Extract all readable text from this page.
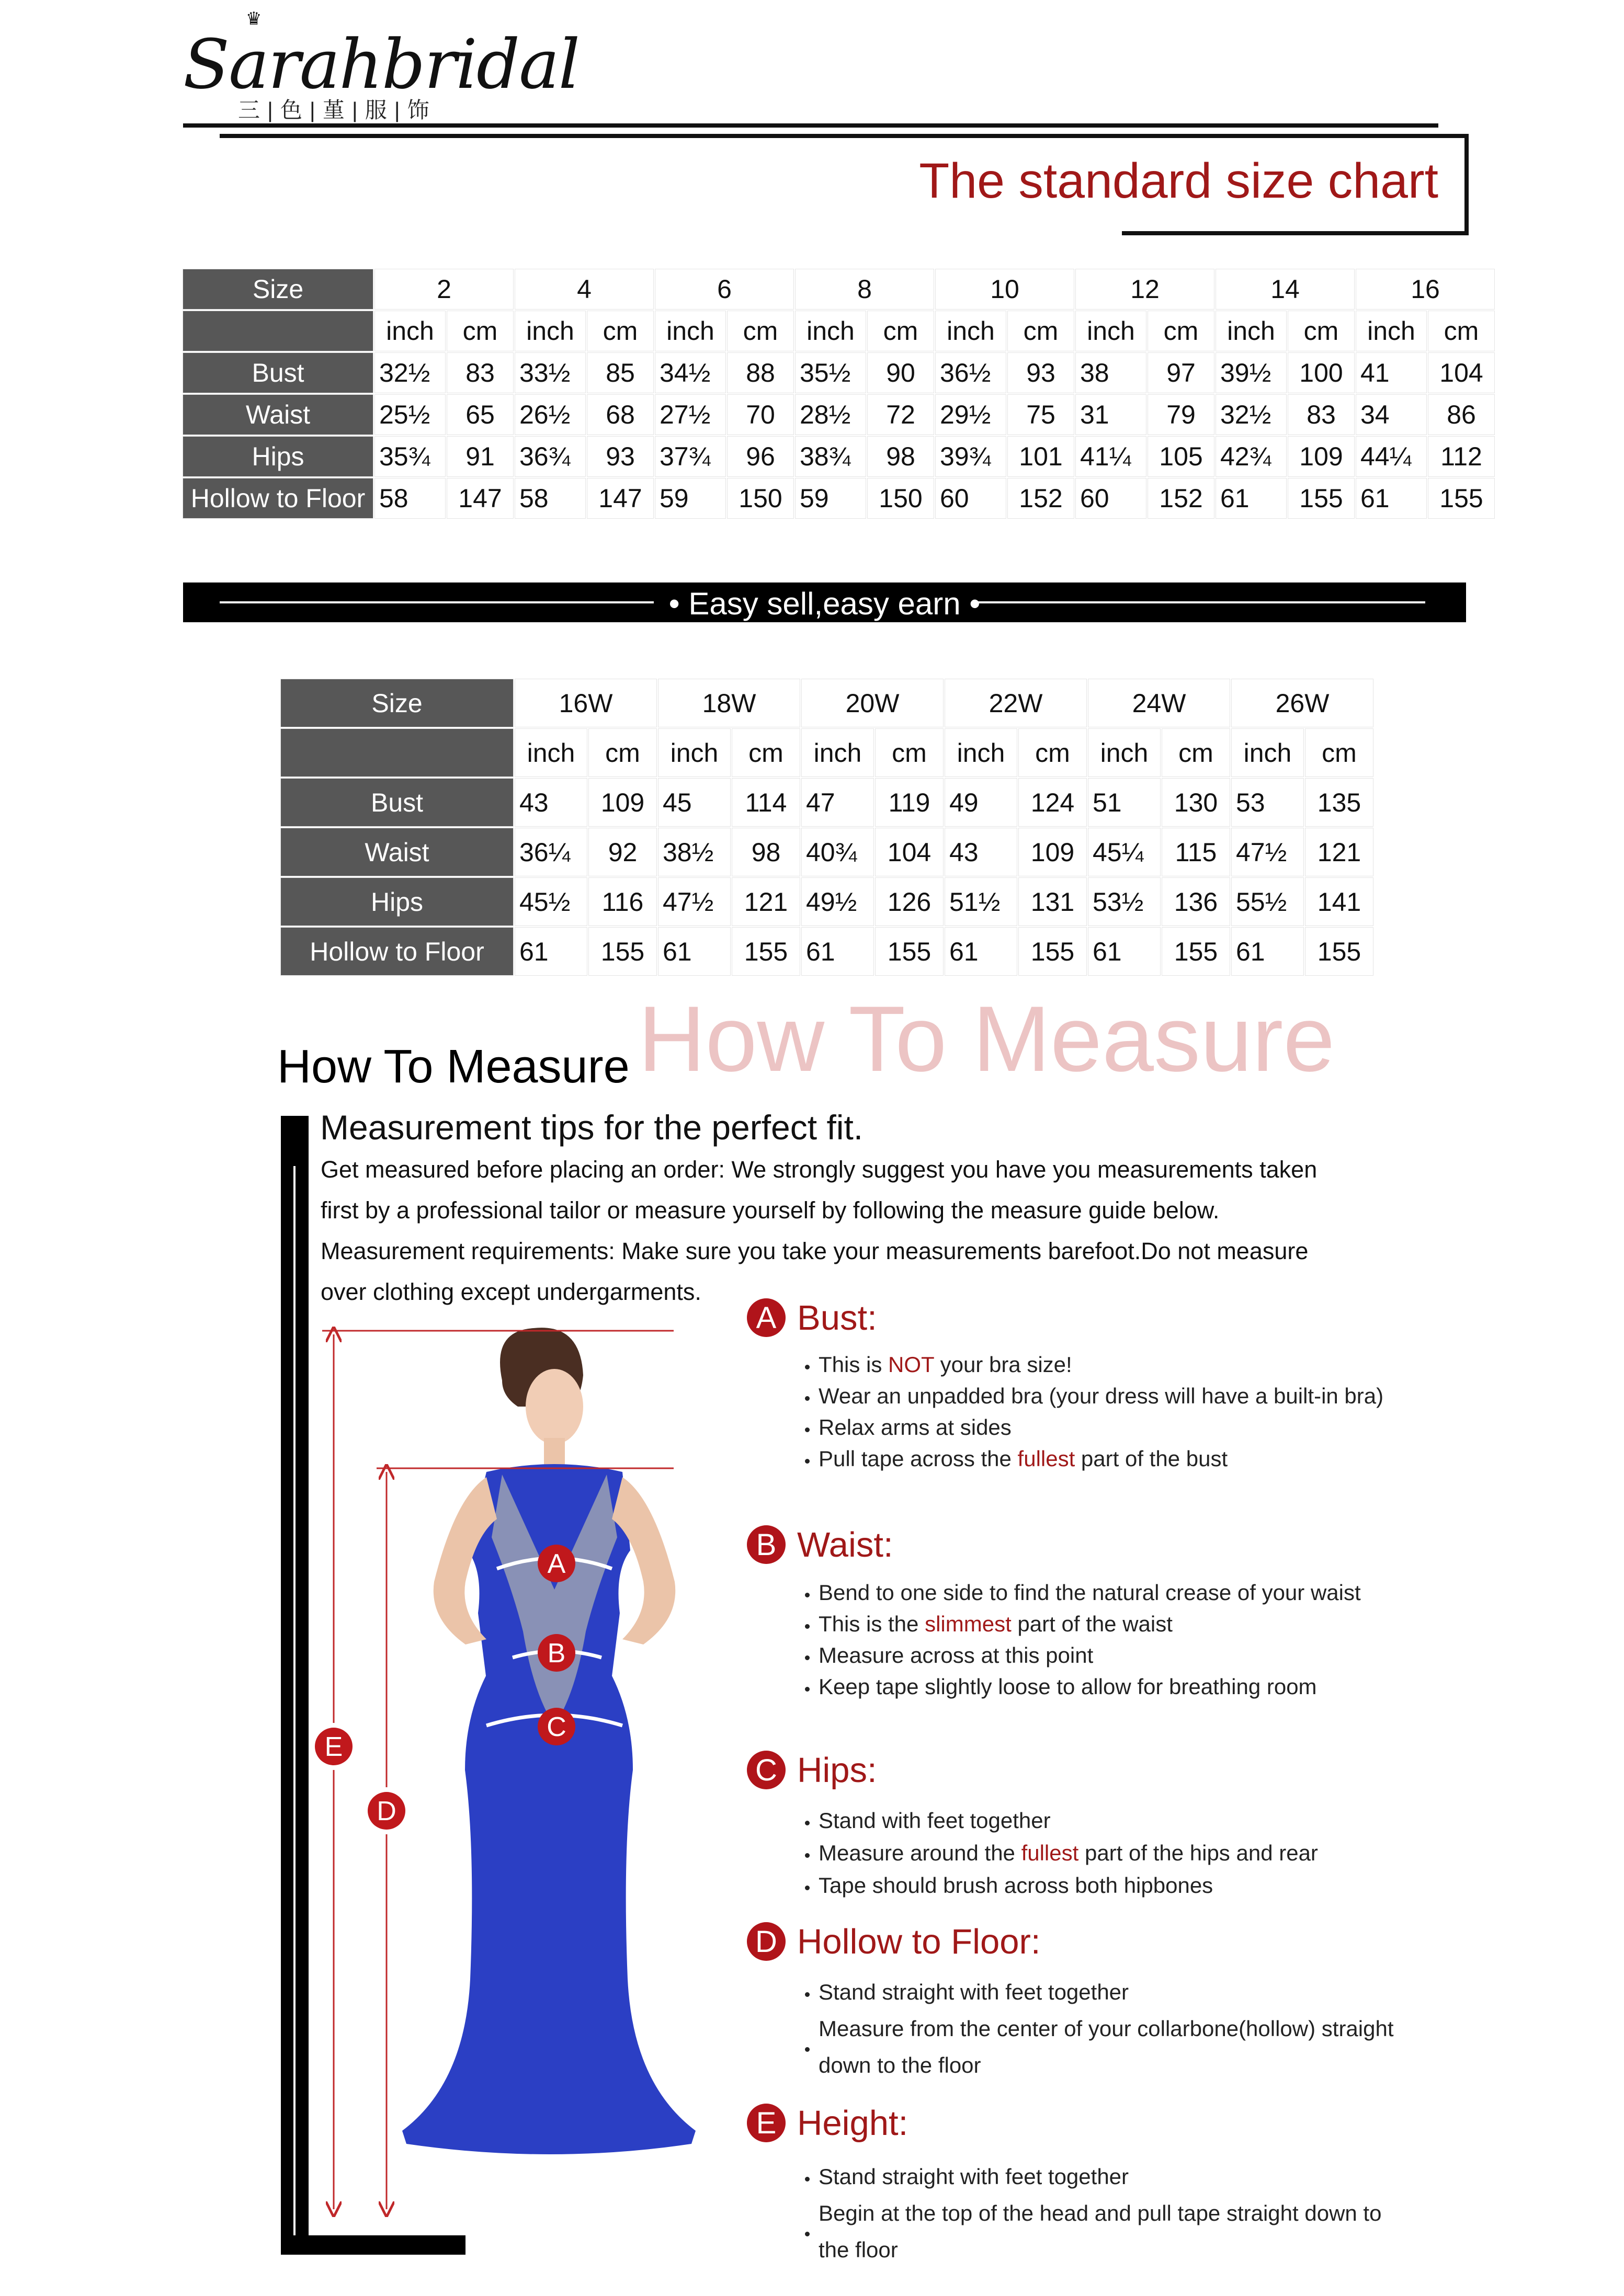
♛
Sarahbridal
三|色|堇|服|饰
The standard size chart
Size	2		4		6		8		10		12		14		16	
	inch	cm	inch	cm	inch	cm	inch	cm	inch	cm	inch	cm	inch	cm	inch	cm
Bust	32½	83	33½	85	34½	88	35½	90	36½	93	38	97	39½	100	41	104
Waist	25½	65	26½	68	27½	70	28½	72	29½	75	31	79	32½	83	34	86
Hips	35¾	91	36¾	93	37¾	96	38¾	98	39¾	101	41¼	105	42¾	109	44¼	112
Hollow to Floor	58	147	58	147	59	150	59	150	60	152	60	152	61	155	61	155
• Easy sell,easy earn •
Size	16W		18W		20W		22W		24W		26W	
	inch	cm	inch	cm	inch	cm	inch	cm	inch	cm	inch	cm
Bust	43	109	45	114	47	119	49	124	51	130	53	135
Waist	36¼	92	38½	98	40¾	104	43	109	45¼	115	47½	121
Hips	45½	116	47½	121	49½	126	51½	131	53½	136	55½	141
Hollow to Floor	61	155	61	155	61	155	61	155	61	155	61	155
How To Measure
How To Measure
Measurement tips for the perfect fit.
Get measured before placing an order: We strongly suggest you have you measurements taken
first by a professional tailor or measure yourself by following the measure guide below.
Measurement requirements: Make sure you take your measurements barefoot.Do not measure
over clothing except undergarments.
A
B
C
E
D
A Bust:
This is NOT your bra size!
Wear an unpadded bra (your dress will have a built-in bra)
Relax arms at sides
Pull tape across the fullest part of the bust
B Waist:
Bend to one side to find the natural crease of your waist
This is the slimmest part of the waist
Measure across at this point
Keep tape slightly loose to allow for breathing room
C Hips:
Stand with feet together
Measure around the fullest part of the hips and rear
Tape should brush across both hipbones
D Hollow to Floor:
Stand straight with feet together
Measure from the center of your collarbone(hollow) straight down to the floor
E Height:
Stand straight with feet together
Begin at the top of the head and pull tape straight down to the floor
